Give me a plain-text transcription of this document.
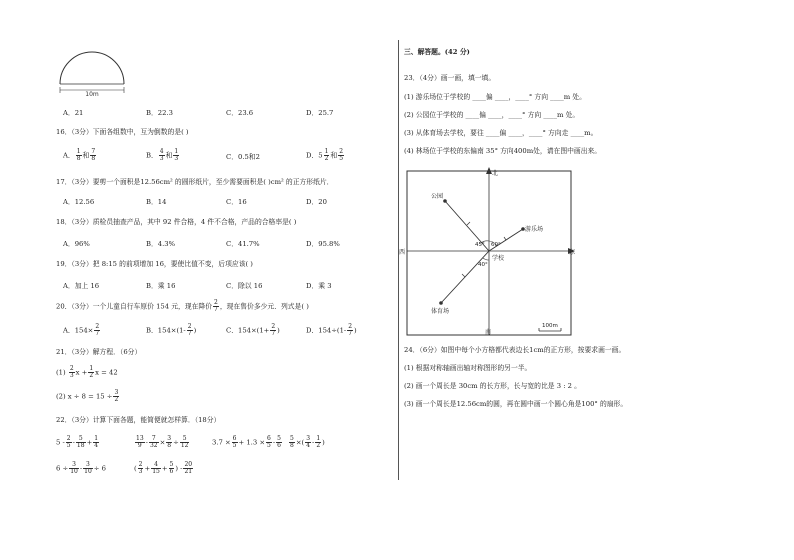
10m
A．21	B．22.3	C．23.6	D．25.7
16．（3分）下面各组数中，互为倒数的是( )
A． $\frac{1}{8}$ 和 $\frac{7}{8}$	B． $\frac{4}{3}$ 和 $\frac{1}{3}$	C．0.5和2	D．$5 \frac{1}{2}$ 和 $\frac{2}{5}$
17．（3分）要剪一个面积是12.56cm² 的圆形纸片，至少需要面积是( )cm² 的正方形纸片．
A．12.56	B．14	C．16	D．20
18．（3分）质检员抽查产品，其中 92 件合格，4 件不合格，产品的合格率是( )
A．96%	B．4.3%	C．41.7%	D．95.8%
19．（3分）把 8:15 的前项增加 16，要使比值不变，后项应该( )
A．加上 16	B．乘 16	C．除以 16	D．乘 3
20．（3分）一个儿童自行车原价 154 元，现在降价 $\frac{2}{7}$ ，现在售价多少元．列式是( )
A．$154\times \frac{2}{7}$	B．$154\times(1- \frac{2}{7}$ )	C．$154\times(1+ \frac{2}{7}$ )	D．$154\div(1- \frac{2}{7}$ )
21．（3分）解方程．（6分）
$(1) \frac{2}{3}$ $x + \frac{1}{2}$ x = 42
(2) $x \div 8 = 15 \div \frac{3}{2}$
22．（3分）计算下面各题，能简便就怎样算．（18分）
$5 - \frac{2}{5} - \frac{5}{18} + \frac{1}{4}$	$\frac{13}{9} - \frac{7}{32} \times \frac{3}{8} \div \frac{5}{12}$	$3.7 \times \frac{6}{5} + 1.3 \times \frac{6}{5} - \frac{5}{6} \frac{5}{8}$ ×( $\frac{3}{4} - \frac{1}{2}$ )
$6 \div \frac{3}{10} - \frac{3}{10} \div 6$	( $\frac{2}{3} + \frac{4}{15} + \frac{5}{6}$ ) - $\frac{20}{21}$
三、解答题。(42 分)
23．（4分）画一画，填一填。
(1) 游乐场位于学校的 ____偏 ____，____° 方向 ____m 处。
(2) 公园位于学校的 ____偏 ____，____° 方向 ____m 处。
(3) 从体育场去学校，要往 ____偏 ____，____° 方向走 ____m。
(4) 林场位于学校的东偏南 35° 方向400m处，请在图中画出来。
北
南
西	东
公园
游乐场
体育场
学校
45° 60°
40°
100m
24．（6分）如图中每个小方格都代表边长1cm的正方形，按要求画一画。
(1) 根据对称轴画出轴对称图形的另一半。
(2) 画一个周长是 30cm 的长方形，长与宽的比是 3 : 2 。
(3) 画一个周长是12.56cm的圆，再在圆中画一个圆心角是100° 的扇形。
